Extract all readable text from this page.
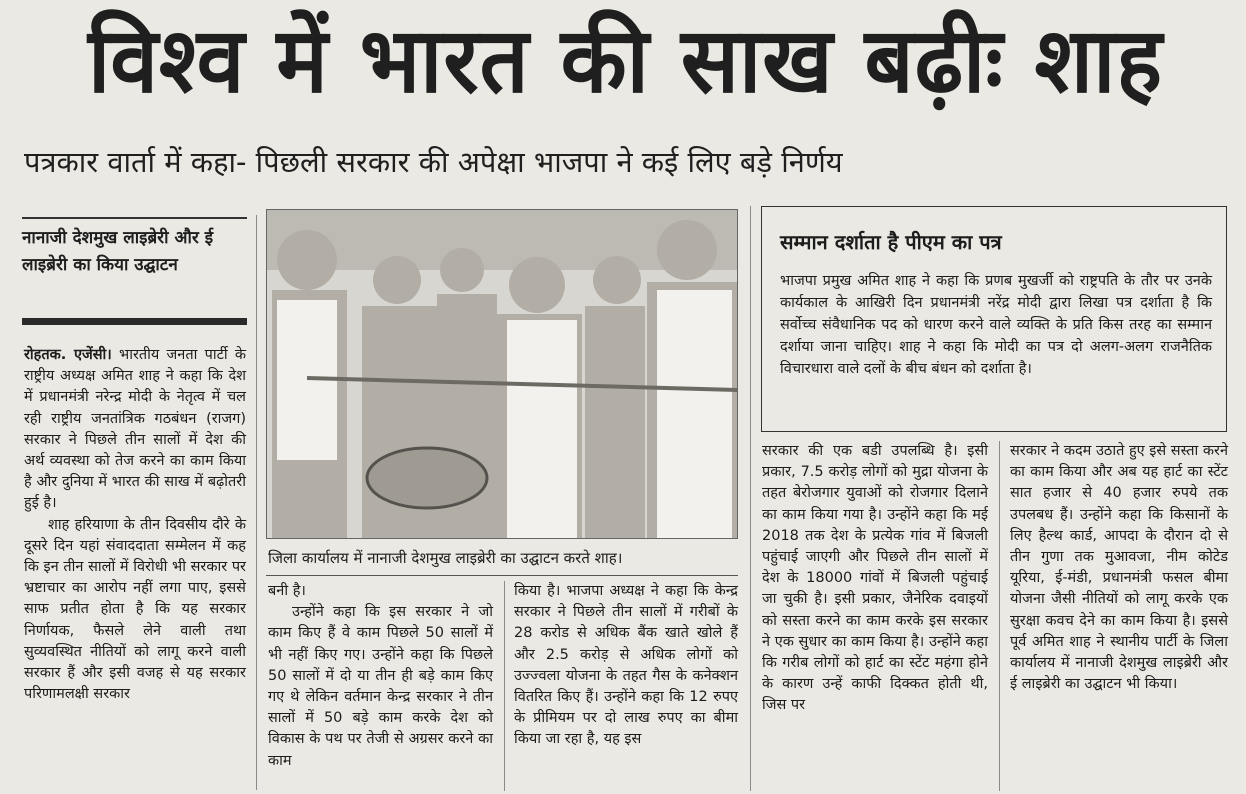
विश्व में भारत की साख बढ़ीः शाह
पत्रकार वार्ता में कहा- पिछली सरकार की अपेक्षा भाजपा ने कई लिए बड़े निर्णय
नानाजी देशमुख लाइब्रेरी और ई लाइब्रेरी का किया उद्घाटन
जिला कार्यालय में नानाजी देशमुख लाइब्रेरी का उद्घाटन करते शाह।
सम्मान दर्शाता है पीएम का पत्र
भाजपा प्रमुख अमित शाह ने कहा कि प्रणब मुखर्जी को राष्ट्रपति के तौर पर उनके कार्यकाल के आखिरी दिन प्रधानमंत्री नरेंद्र मोदी द्वारा लिखा पत्र दर्शाता है कि सर्वोच्च संवैधानिक पद को धारण करने वाले व्यक्ति के प्रति किस तरह का सम्मान दर्शाया जाना चाहिए। शाह ने कहा कि मोदी का पत्र दो अलग-अलग राजनैतिक विचारधारा वाले दलों के बीच बंधन को दर्शाता है।

रोहतक. एजेंसी। भारतीय जनता पार्टी के राष्ट्रीय अध्यक्ष अमित शाह ने कहा कि देश में प्रधानमंत्री नरेन्द्र मोदी के नेतृत्व में चल रही राष्ट्रीय जनतांत्रिक गठबंधन (राजग) सरकार ने पिछले तीन सालों में देश की अर्थ व्यवस्था को तेज करने का काम किया है और दुनिया में भारत की साख में बढ़ोतरी हुई है।

शाह हरियाणा के तीन दिवसीय दौरे के दूसरे दिन यहां संवाददाता सम्मेलन में कह कि इन तीन सालों में विरोधी भी सरकार पर भ्रष्टाचार का आरोप नहीं लगा पाए, इससे साफ प्रतीत होता है कि यह सरकार निर्णायक, फैसले लेने वाली तथा सुव्यवस्थित नीतियों को लागू करने वाली सरकार हैं और इसी वजह से यह सरकार परिणामलक्षी सरकार

बनी है।

उन्होंने कहा कि इस सरकार ने जो काम किए हैं वे काम पिछले 50 सालों में भी नहीं किए गए। उन्होंने कहा कि पिछले 50 सालों में दो या तीन ही बड़े काम किए गए थे लेकिन वर्तमान केन्द्र सरकार ने तीन सालों में 50 बड़े काम करके देश को विकास के पथ पर तेजी से अग्रसर करने का काम

किया है। भाजपा अध्यक्ष ने कहा कि केन्द्र सरकार ने पिछले तीन सालों में गरीबों के 28 करोड से अधिक बैंक खाते खोले हैं और 2.5 करोड़ से अधिक लोगों को उज्ज्वला योजना के तहत गैस के कनेक्शन वितरित किए हैं। उन्होंने कहा कि 12 रुपए के प्रीमियम पर दो लाख रुपए का बीमा किया जा रहा है, यह इस

सरकार की एक बडी उपलब्धि है। इसी प्रकार, 7.5 करोड़ लोगों को मुद्रा योजना के तहत बेरोजगार युवाओं को रोजगार दिलाने का काम किया गया है। उन्होंने कहा कि मई 2018 तक देश के प्रत्येक गांव में बिजली पहुंचाई जाएगी और पिछले तीन सालों में देश के 18000 गांवों में बिजली पहुंचाई जा चुकी है। इसी प्रकार, जैनेरिक दवाइयों को सस्ता करने का काम करके इस सरकार ने एक सुधार का काम किया है। उन्होंने कहा कि गरीब लोगों को हार्ट का स्टेंट महंगा होने के कारण उन्हें काफी दिक्कत होती थी, जिस पर

सरकार ने कदम उठाते हुए इसे सस्ता करने का काम किया और अब यह हार्ट का स्टेंट सात हजार से 40 हजार रुपये तक उपलबध हैं। उन्होंने कहा कि किसानों के लिए हैल्थ कार्ड, आपदा के दौरान दो से तीन गुणा तक मुआवजा, नीम कोटेड यूरिया, ई-मंडी, प्रधानमंत्री फसल बीमा योजना जैसी नीतियों को लागू करके एक सुरक्षा कवच देने का काम किया है। इससे पूर्व अमित शाह ने स्थानीय पार्टी के जिला कार्यालय में नानाजी देशमुख लाइब्रेरी और ई लाइब्रेरी का उद्घाटन भी किया।
